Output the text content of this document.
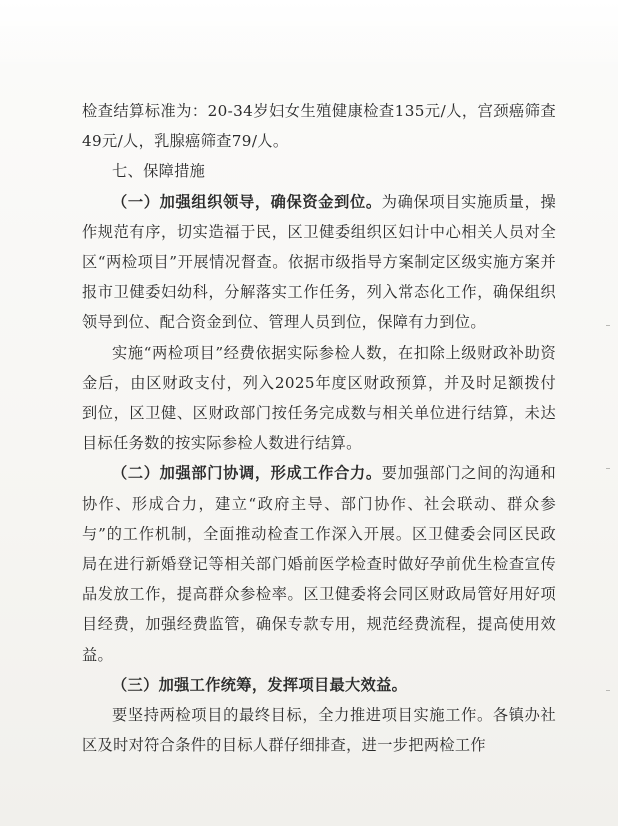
检查结算标准为：20-34岁妇女生殖健康检查135元/人，宫颈癌筛查49元/人，乳腺癌筛查79/人。

七、保障措施

（一）加强组织领导，确保资金到位。为确保项目实施质量，操作规范有序，切实造福于民，区卫健委组织区妇计中心相关人员对全区“两检项目”开展情况督查。依据市级指导方案制定区级实施方案并报市卫健委妇幼科，分解落实工作任务，列入常态化工作，确保组织领导到位、配合资金到位、管理人员到位，保障有力到位。

实施“两检项目”经费依据实际参检人数，在扣除上级财政补助资金后，由区财政支付，列入2025年度区财政预算，并及时足额拨付到位，区卫健、区财政部门按任务完成数与相关单位进行结算，未达目标任务数的按实际参检人数进行结算。

（二）加强部门协调，形成工作合力。要加强部门之间的沟通和协作、形成合力，建立“政府主导、部门协作、社会联动、群众参与”的工作机制，全面推动检查工作深入开展。区卫健委会同区民政局在进行新婚登记等相关部门婚前医学检查时做好孕前优生检查宣传品发放工作，提高群众参检率。区卫健委将会同区财政局管好用好项目经费，加强经费监管，确保专款专用，规范经费流程，提高使用效益。

（三）加强工作统筹，发挥项目最大效益。

要坚持两检项目的最终目标，全力推进项目实施工作。各镇办社区及时对符合条件的目标人群仔细排查，进一步把两检工作
